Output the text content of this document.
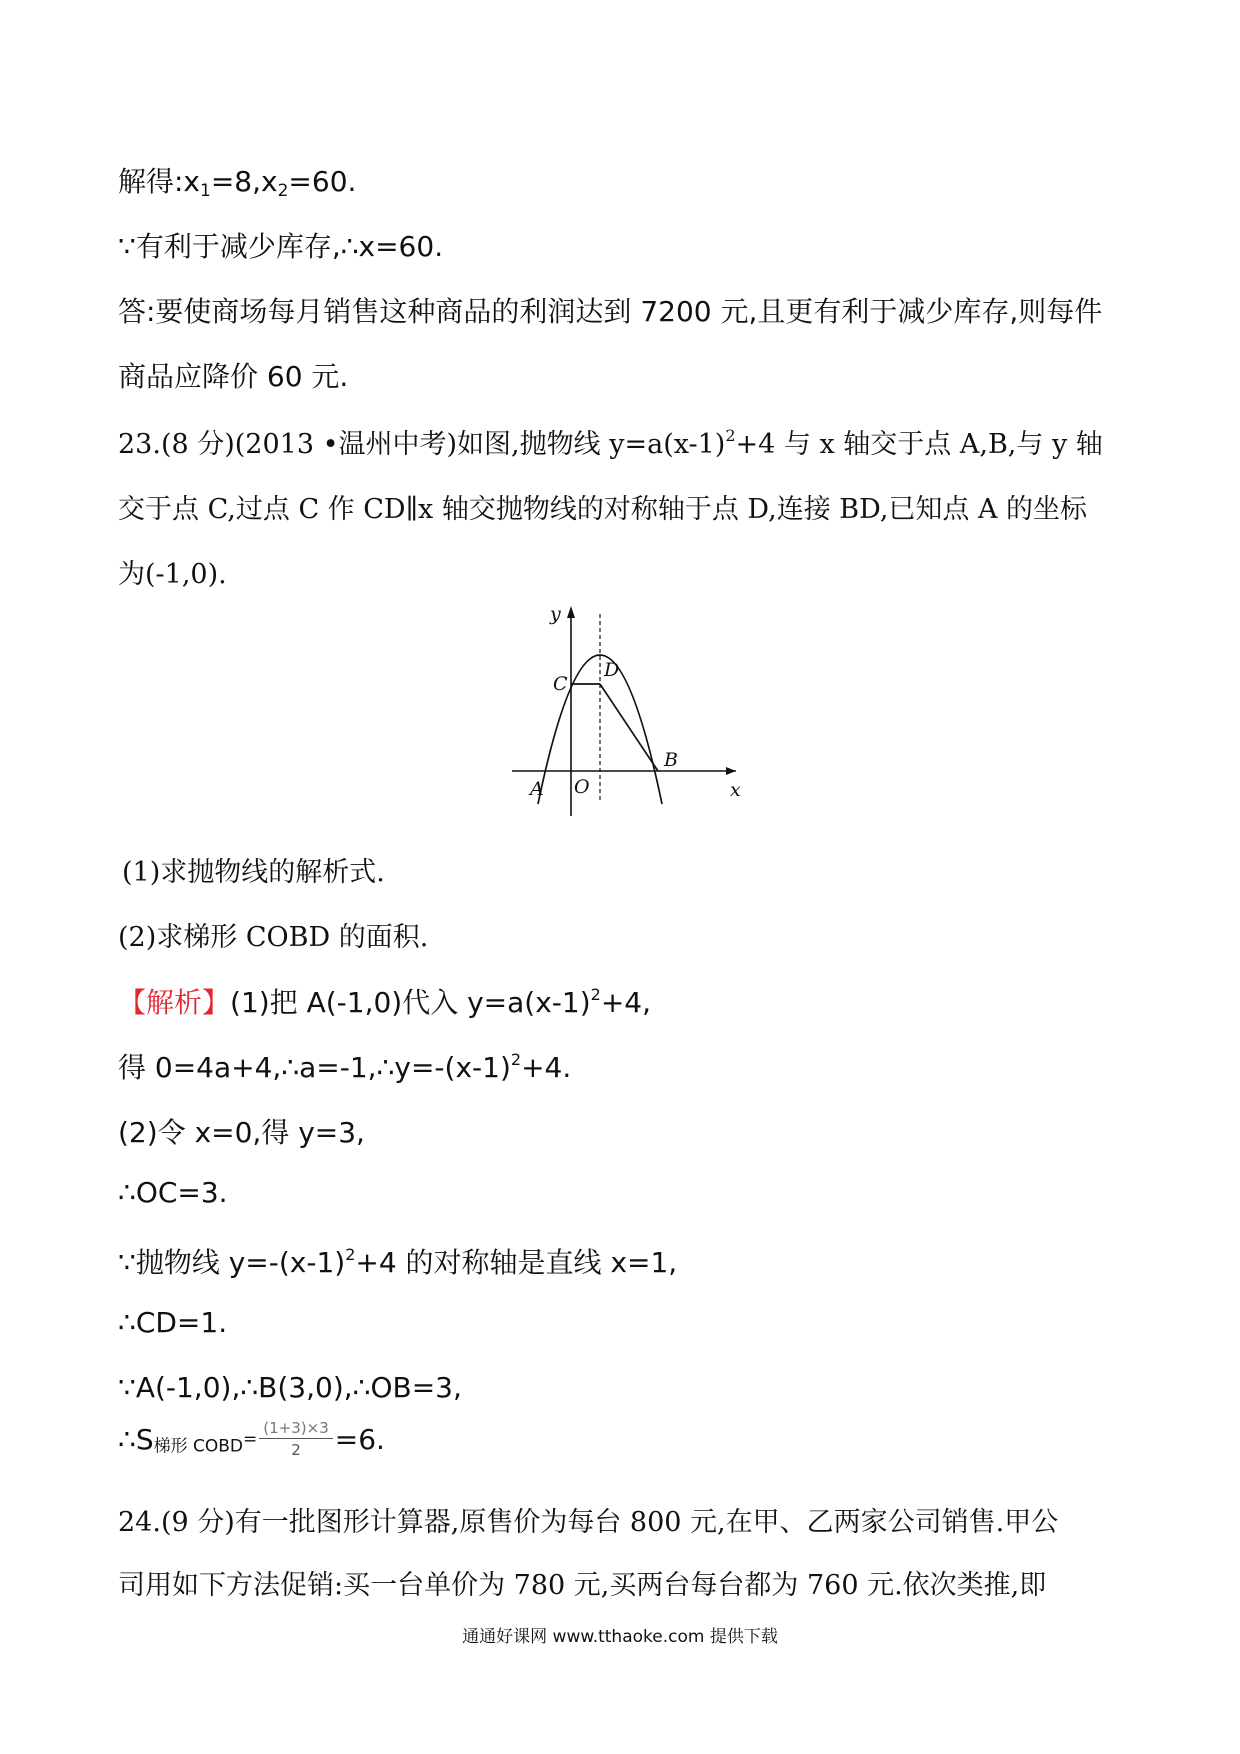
解得$:x_1=8,x_2=60$.
∵有利于减少库存,∴x=60.
答:要使商场每月销售这种商品的利润达到 7200 元,且更有利于减少库存,则每件
商品应降价 60 元.
23.(8 分)(2013 •温州中考)如图,抛物线 $y=a(x-1)^2+4$ 与 x 轴交于点 A,B,与 y 轴
交于点 C,过点 C 作 CD∥x 轴交抛物线的对称轴于点 D,连接 BD,已知点 A 的坐标
为(-1,0).
y
x
O
A
B
C
D
(1)求抛物线的解析式.
(2)求梯形 COBD 的面积.
【解析】(1)把 A(-1,0)代入 $y=a(x-1)^2+4$,
得 $0=4a+4,\therefore a=-1,\therefore y=-(x-1)^2+4$.
(2)令 x=0,得 y=3,
∴OC=3.
∵抛物线 $y=-(x-1)^2+4$ 的对称轴是直线 x=1,
∴CD=1.
∵A(-1,0),∴B(3,0),∴OB=3,
∴S梯形 COBD= $\frac{(1+3)\times 3}{2} =6$.
24.(9 分)有一批图形计算器,原售价为每台 800 元,在甲、乙两家公司销售.甲公
司用如下方法促销:买一台单价为 780 元,买两台每台都为 760 元.依次类推,即
通通好课网 www.tthaoke.com 提供下载
